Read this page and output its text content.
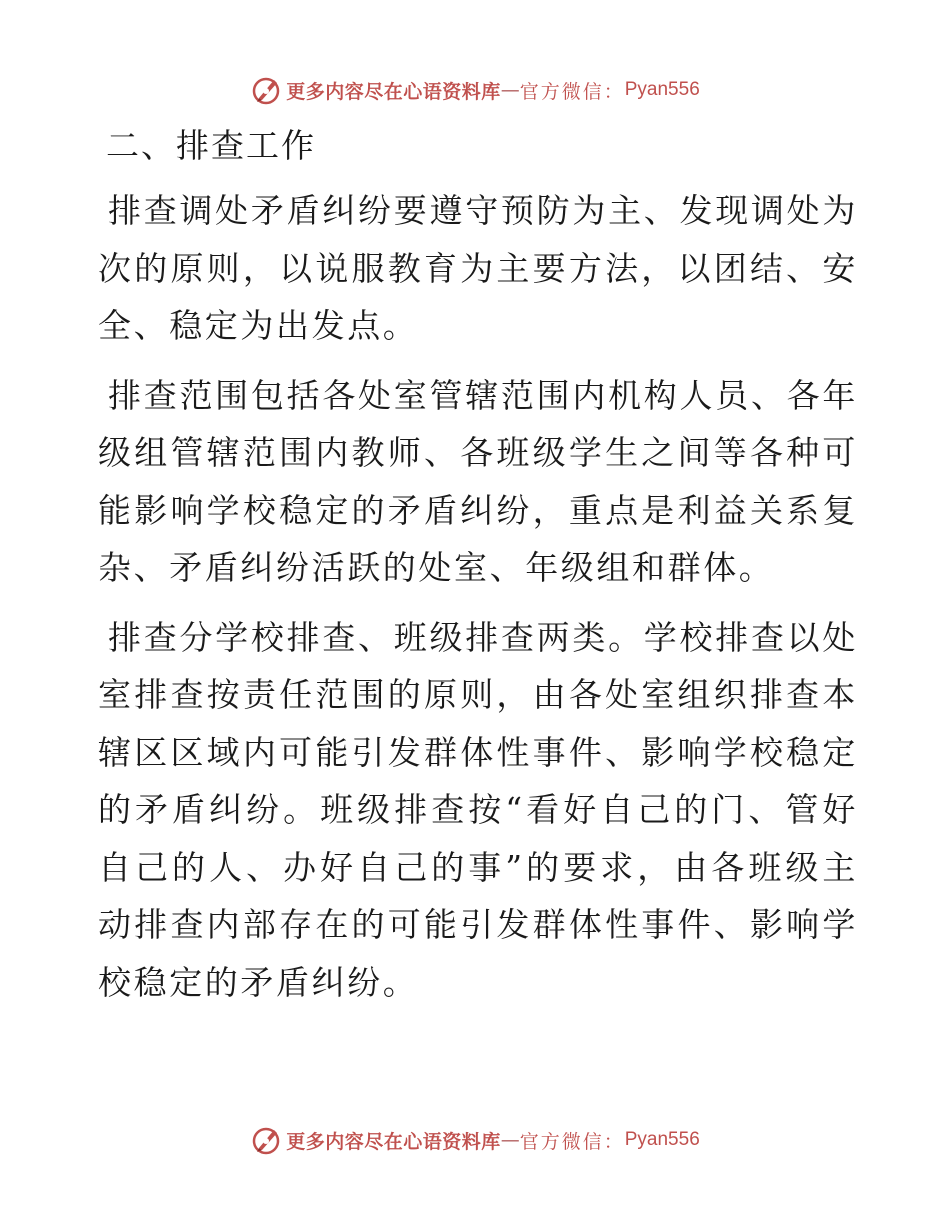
更多内容尽在心语资料库 — 官方微信： Pyan556
二、排查工作

排查调处矛盾纠纷要遵守预防为主、发现调处为次的原则，以说服教育为主要方法，以团结、安全、稳定为出发点。

排查范围包括各处室管辖范围内机构人员、各年级组管辖范围内教师、各班级学生之间等各种可能影响学校稳定的矛盾纠纷，重点是利益关系复杂、矛盾纠纷活跃的处室、年级组和群体。

排查分学校排查、班级排查两类。学校排查以处室排查按责任范围的原则，由各处室组织排查本辖区区域内可能引发群体性事件、影响学校稳定的矛盾纠纷。班级排查按“看好自己的门、管好自己的人、办好自己的事”的要求，由各班级主动排查内部存在的可能引发群体性事件、影响学校稳定的矛盾纠纷。

更多内容尽在心语资料库 — 官方微信： Pyan556
